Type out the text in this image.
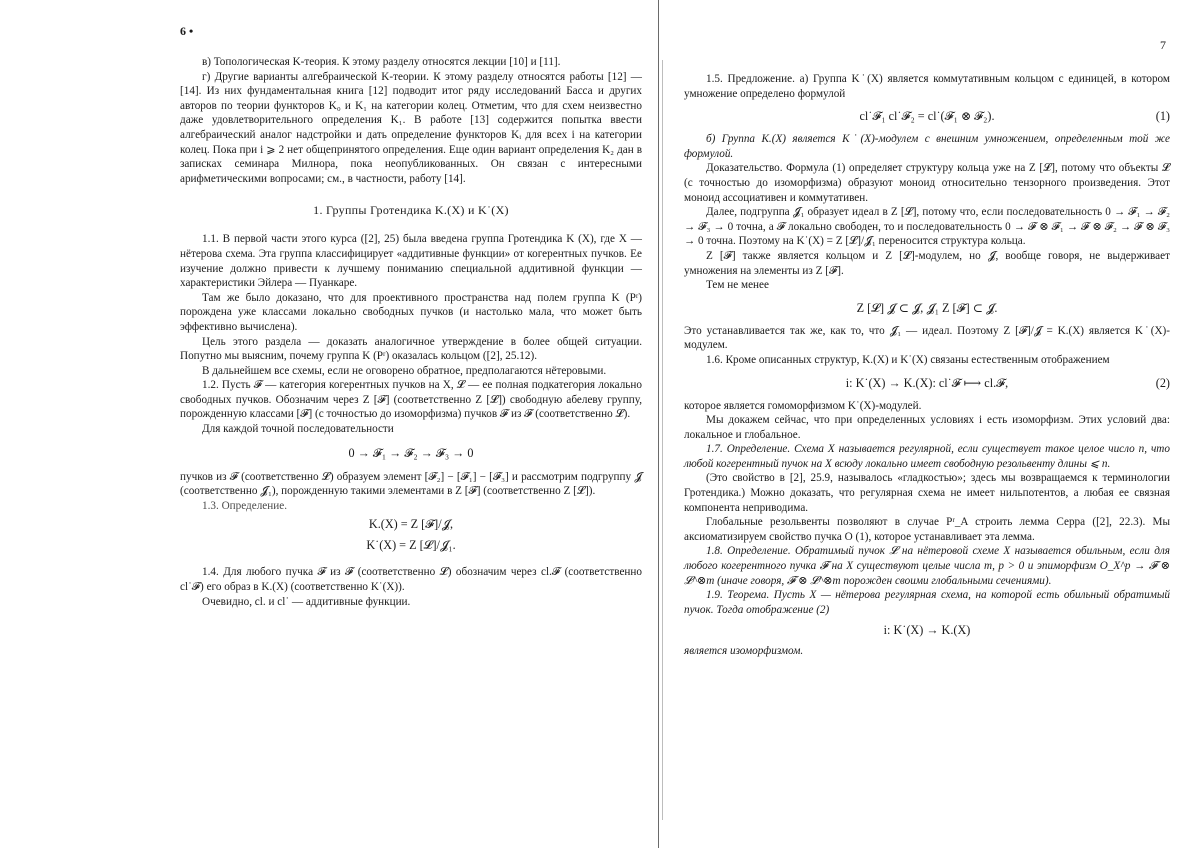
6 •

в) Топологическая K-теория. К этому разделу относятся лекции [10] и [11].

г) Другие варианты алгебраической K-теории. К этому разделу относятся работы [12] — [14]. Из них фундаментальная книга [12] подводит итог ряду исследований Басса и других авторов по теории функторов K₀ и K₁ на категории колец. Отметим, что для схем неизвестно даже удовлетворительного определения K₁. В работе [13] содержится попытка ввести алгебраический аналог надстройки и дать определение функторов Kᵢ для всех i на категории колец. Пока при i ⩾ 2 нет общепринятого определения. Еще один вариант определения K₂ дан в записках семинара Милнора, пока неопубликованных. Он связан с интересными арифметическими вопросами; см., в частности, работу [14].

1. Группы Гротендика K.(X) и K˙(X)

1.1. В первой части этого курса ([2], 25) была введена группа Гротендика K (X), где X — нётерова схема. Эта группа классифицирует «аддитивные функции» от когерентных пучков. Ее изучение должно привести к лучшему пониманию специальной аддитивной функции — характеристики Эйлера — Пуанкаре.

Там же было доказано, что для проективного пространства над полем группа K (Pʳ) порождена уже классами локально свободных пучков (и настолько мала, что может быть эффективно вычислена).

Цель этого раздела — доказать аналогичное утверждение в более общей ситуации. Попутно мы выясним, почему группа K (Pʳ) оказалась кольцом ([2], 25.12).

В дальнейшем все схемы, если не оговорено обратное, предполагаются нётеровыми.

1.2. Пусть 𝓕 — категория когерентных пучков на X, 𝓛 — ее полная подкатегория локально свободных пучков. Обозначим через Z [𝓕] (соответственно Z [𝓛]) свободную абелеву группу, порожденную классами [𝓕] (с точностью до изоморфизма) пучков 𝓕 из 𝓕 (соответственно 𝓛).

Для каждой точной последовательности

0 → 𝓕₁ → 𝓕₂ → 𝓕₃ → 0

пучков из 𝓕 (соответственно 𝓛) образуем элемент [𝓕₂] − [𝓕₁] − [𝓕₃] и рассмотрим подгруппу 𝓙 (соответственно 𝓙₁), порожденную такими элементами в Z [𝓕] (соответственно Z [𝓛]).

1.3. Определение.

K.(X) = Z [𝓕]/𝓙,
K˙(X) = Z [𝓛]/𝓙₁.

1.4. Для любого пучка 𝓕 из 𝓕 (соответственно 𝓛) обозначим через cl.𝓕 (соответственно cl˙𝓕) его образ в K.(X) (соответственно K˙(X)).

Очевидно, cl. и cl˙ — аддитивные функции.

7

1.5. Предложение. а) Группа K˙(X) является коммутативным кольцом с единицей, в котором умножение определено формулой

cl˙𝓕₁ cl˙𝓕₂ = cl˙(𝓕₁ ⊗ 𝓕₂).	(1)

б) Группа K.(X) является K˙(X)-модулем с внешним умножением, определенным той же формулой.

Доказательство. Формула (1) определяет структуру кольца уже на Z [𝓛], потому что объекты 𝓛 (с точностью до изоморфизма) образуют моноид относительно тензорного произведения. Этот моноид ассоциативен и коммутативен.

Далее, подгруппа 𝓙₁ образует идеал в Z [𝓛], потому что, если последовательность 0 → 𝓕₁ → 𝓕₂ → 𝓕₃ → 0 точна, а 𝓕 локально свободен, то и последовательность 0 → 𝓕 ⊗ 𝓕₁ → 𝓕 ⊗ 𝓕₂ → 𝓕 ⊗ 𝓕₃ → 0 точна. Поэтому на K˙(X) = Z [𝓛]/𝓙₁ переносится структура кольца.

Z [𝓕] также является кольцом и Z [𝓛]-модулем, но 𝓙, вообще говоря, не выдерживает умножения на элементы из Z [𝓕].

Тем не менее

Z [𝓛] 𝓙 ⊂ 𝓙, 𝓙₁ Z [𝓕] ⊂ 𝓙.

Это устанавливается так же, как то, что 𝓙₁ — идеал. Поэтому Z [𝓕]/𝓙 = K.(X) является K˙(X)-модулем.

1.6. Кроме описанных структур, K.(X) и K˙(X) связаны естественным отображением

i: K˙(X) → K.(X): cl˙𝓕 ⟼ cl.𝓕,	(2)

которое является гомоморфизмом K˙(X)-модулей.

Мы докажем сейчас, что при определенных условиях i есть изоморфизм. Этих условий два: локальное и глобальное.

1.7. Определение. Схема X называется регулярной, если существует такое целое число n, что любой когерентный пучок на X всюду локально имеет свободную резольвенту длины ⩽ n.

(Это свойство в [2], 25.9, называлось «гладкостью»; здесь мы возвращаемся к терминологии Гротендика.) Можно доказать, что регулярная схема не имеет нильпотентов, а любая ее связная компонента неприводима.

Глобальные резольвенты позволяют в случае Pʳ_A строить лемма Серра ([2], 22.3). Мы аксиоматизируем свойство пучка O (1), которое устанавливает эта лемма.

1.8. Определение. Обратимый пучок 𝓛 на нётеровой схеме X называется обильным, если для любого когерентного пучка 𝓕 на X существуют целые числа m, p > 0 и эпиморфизм O_X^p → 𝓕 ⊗ 𝓛^⊗m (иначе говоря, 𝓕 ⊗ 𝓛^⊗m порожден своими глобальными сечениями).

1.9. Теорема. Пусть X — нётерова регулярная схема, на которой есть обильный обратимый пучок. Тогда отображение (2)

i: K˙(X) → K.(X)

является изоморфизмом.
